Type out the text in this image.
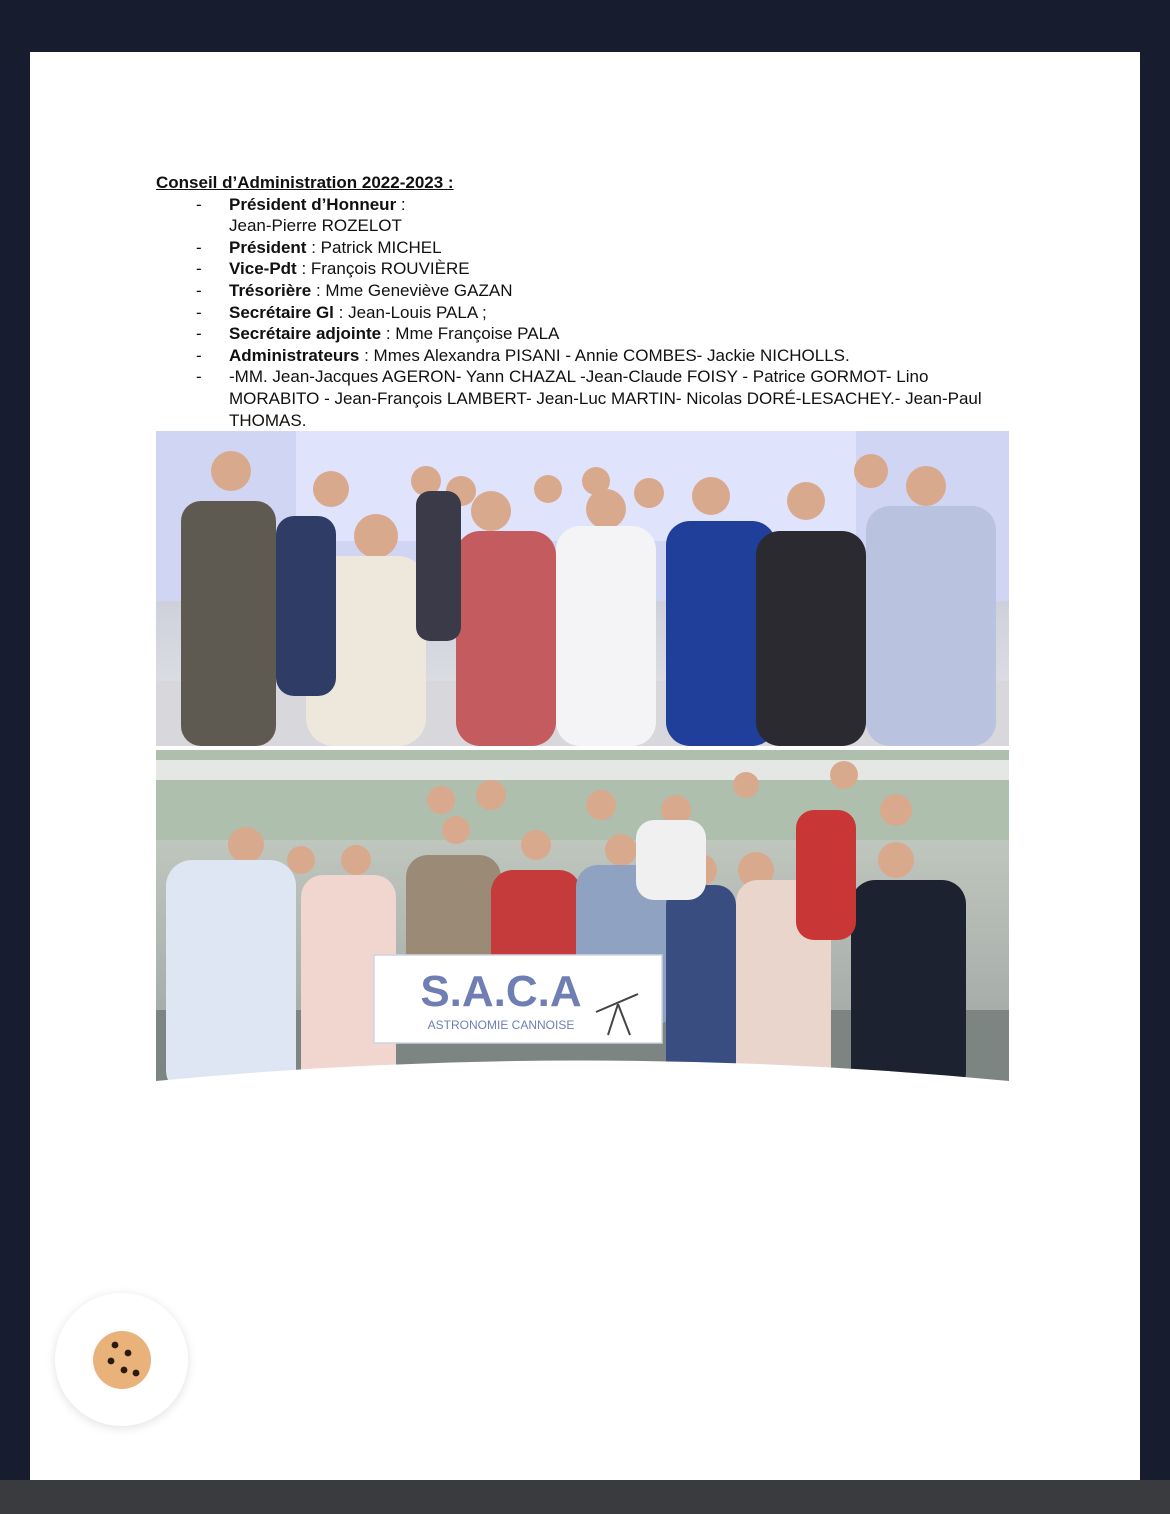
Conseil d’Administration 2022-2023 :

- Président d’Honneur :
Jean-Pierre ROZELOT
- Président : Patrick MICHEL
- Vice-Pdt : François ROUVIÈRE
- Trésorière : Mme Geneviève GAZAN
- Secrétaire Gl : Jean-Louis PALA ;
- Secrétaire adjointe : Mme Françoise PALA
- Administrateurs : Mmes Alexandra PISANI - Annie COMBES- Jackie NICHOLLS.
- -MM. Jean-Jacques AGERON- Yann CHAZAL -Jean-Claude FOISY - Patrice GORMOT- Lino MORABITO - Jean-François LAMBERT- Jean-Luc MARTIN- Nicolas DORÉ-LESACHEY.- Jean-Paul THOMAS.
S.A.C.A
ASTRONOMIE CANNOISE
